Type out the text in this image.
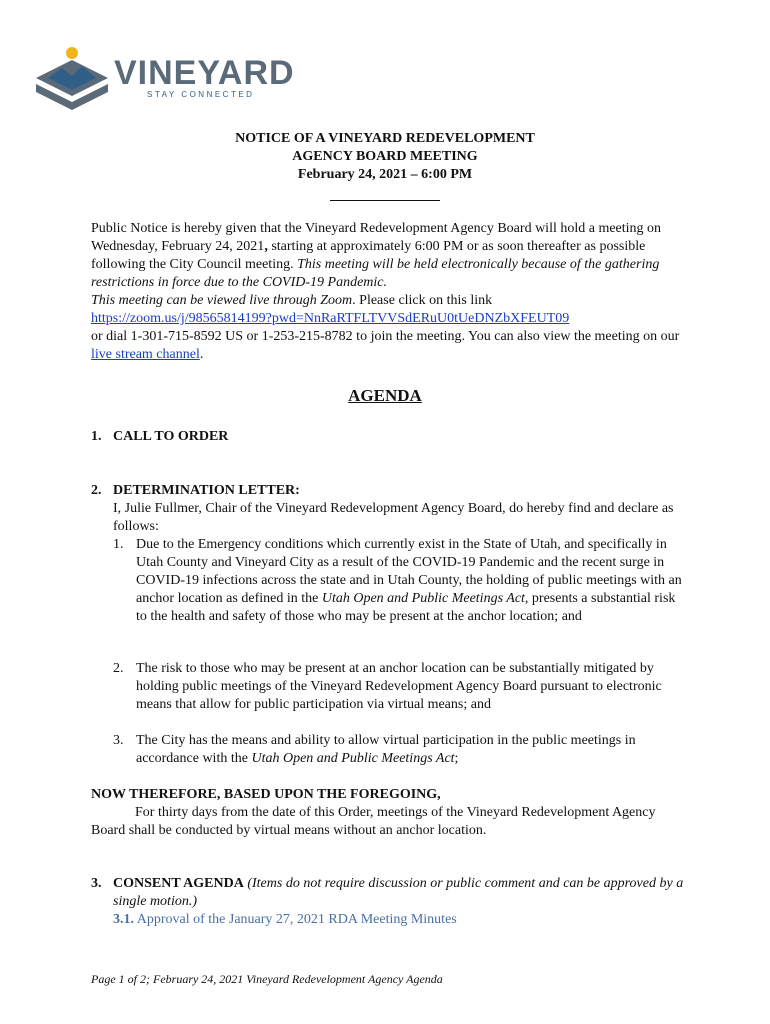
VINEYARD
STAY CONNECTED
NOTICE OF A VINEYARD REDEVELOPMENT
AGENCY BOARD MEETING
February 24, 2021 – 6:00 PM

Public Notice is hereby given that the Vineyard Redevelopment Agency Board will hold a meeting on Wednesday, February 24, 2021, starting at approximately 6:00 PM or as soon thereafter as possible following the City Council meeting. This meeting will be held electronically because of the gathering restrictions in force due to the COVID-19 Pandemic.
This meeting can be viewed live through Zoom. Please click on this link
https://zoom.us/j/98565814199?pwd=NnRaRTFLTVVSdERuU0tUeDNZbXFEUT09
or dial 1-301-715-8592 US or 1-253-215-8782 to join the meeting. You can also view the meeting on our live stream channel.

AGENDA
1. CALL TO ORDER
2. DETERMINATION LETTER:
I, Julie Fullmer, Chair of the Vineyard Redevelopment Agency Board, do hereby find and declare as follows:
1. Due to the Emergency conditions which currently exist in the State of Utah, and specifically in Utah County and Vineyard City as a result of the COVID-19 Pandemic and the recent surge in COVID-19 infections across the state and in Utah County, the holding of public meetings with an anchor location as defined in the Utah Open and Public Meetings Act, presents a substantial risk to the health and safety of those who may be present at the anchor location; and
2. The risk to those who may be present at an anchor location can be substantially mitigated by holding public meetings of the Vineyard Redevelopment Agency Board pursuant to electronic means that allow for public participation via virtual means; and
3. The City has the means and ability to allow virtual participation in the public meetings in accordance with the Utah Open and Public Meetings Act;
NOW THEREFORE, BASED UPON THE FOREGOING,
For thirty days from the date of this Order, meetings of the Vineyard Redevelopment Agency Board shall be conducted by virtual means without an anchor location.
3. CONSENT AGENDA (Items do not require discussion or public comment and can be approved by a single motion.)
3.1. Approval of the January 27, 2021 RDA Meeting Minutes
Page 1 of 2; February 24, 2021 Vineyard Redevelopment Agency Agenda
